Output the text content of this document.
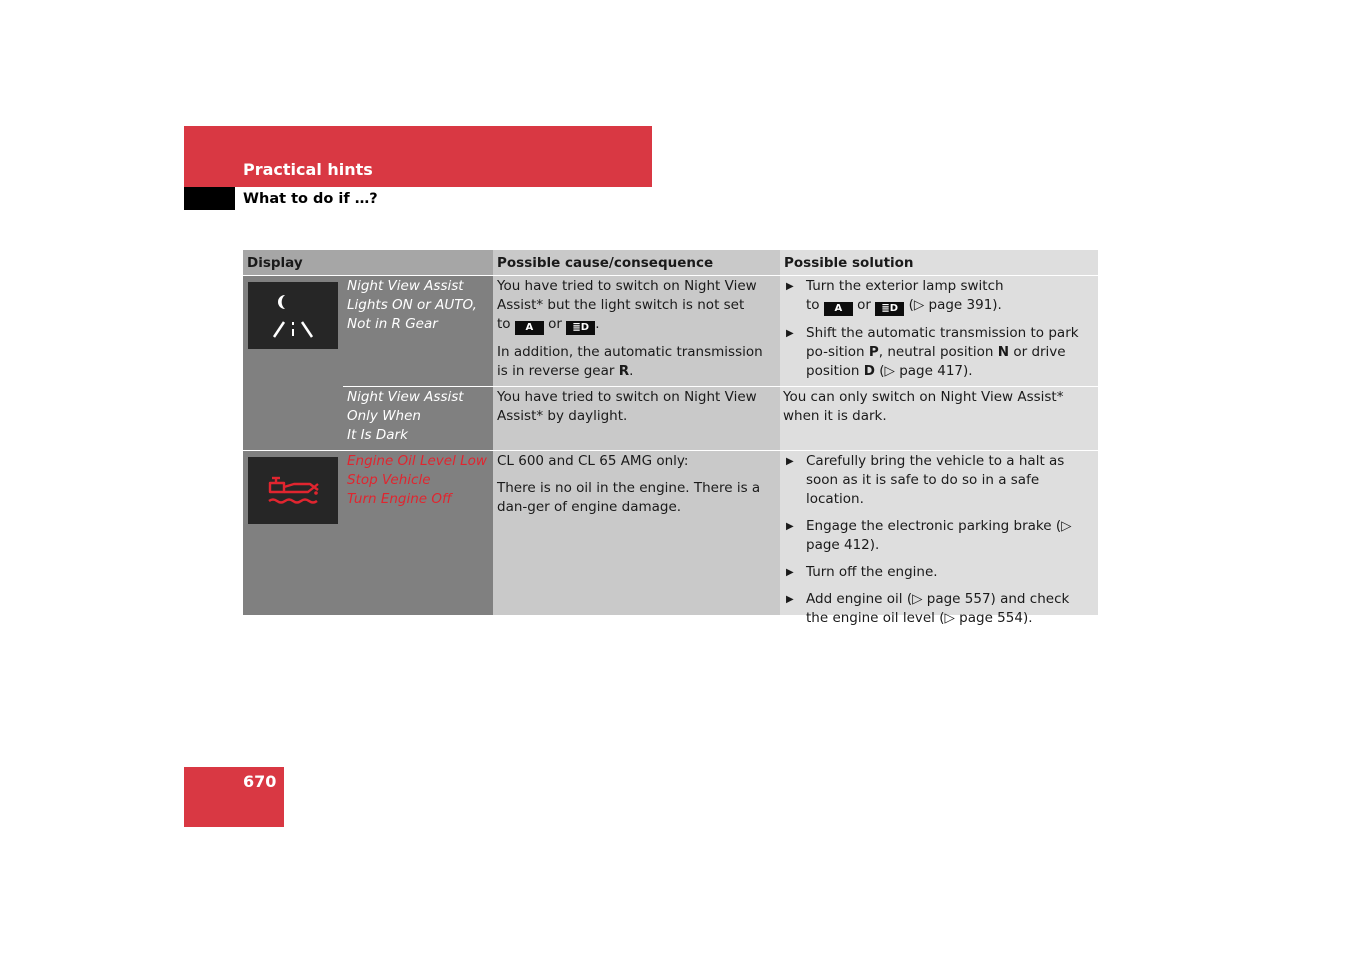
Practical hints
What to do if …?
Display	Possible cause/consequence	Possible solution
Night View Assist
Lights ON or AUTO,
Not in R Gear
Night View Assist
Only When
It Is Dark
You have tried to switch on Night View Assist* but the light switch is not set
to A or ≣D .
In addition, the automatic transmission is in reverse gear R.
▶ Turn the exterior lamp switch
to A or ≣D (▷ page 391).
▶ Shift the automatic transmission to park po-sition P, neutral position N or drive position D (▷ page 417).
You have tried to switch on Night View Assist* by daylight.
You can only switch on Night View Assist* when it is dark.
Engine Oil Level Low
Stop Vehicle
Turn Engine Off
CL 600 and CL 65 AMG only:
There is no oil in the engine. There is a dan-ger of engine damage.
▶ Carefully bring the vehicle to a halt as soon as it is safe to do so in a safe location.
▶ Engage the electronic parking brake (▷ page 412).
▶ Turn off the engine.
▶ Add engine oil (▷ page 557) and check the engine oil level (▷ page 554).
670
